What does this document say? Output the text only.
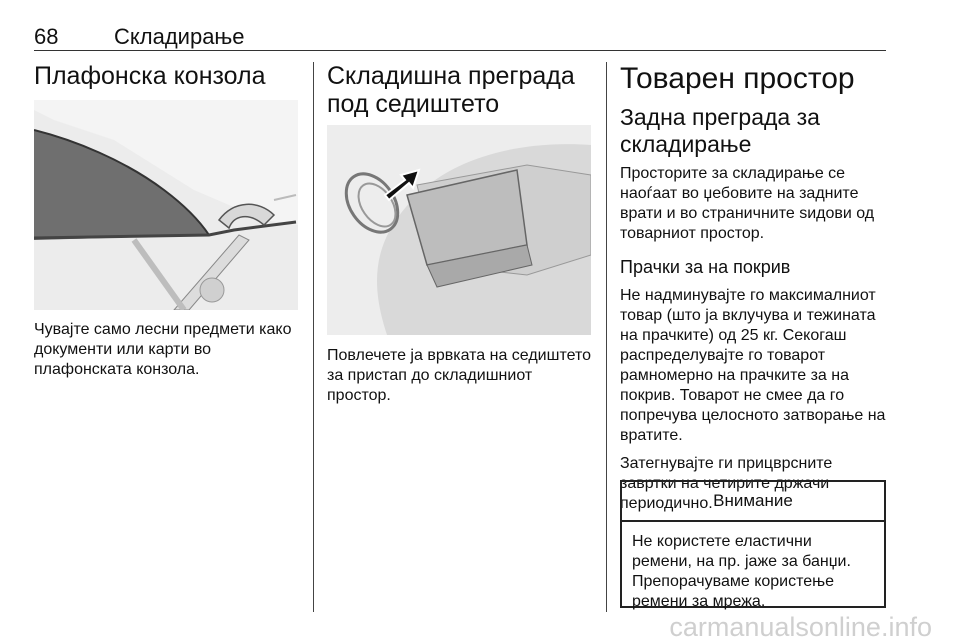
68	Складирање
Плафонска конзола

Чувајте само лесни предмети како документи или карти во плафонската конзола.

Складишна преграда под седиштето

Повлечете ја врвката на седиштето за пристап до складишниот простор.

Товарен простор
Задна преграда за складирање

Просторите за складирање се наоѓаат во џебовите на задните врати и во страничните ѕидови од товарниот простор.

Прачки за на покрив

Не надминувајте го максималниот товар (што ја вклучува и тежината на прачките) од 25 кг. Секогаш распределувајте го товарот рамномерно на прачките за на покрив. Товарот не смее да го попречува целосното затворање на вратите.

Затегнувајте ги прицврсните завртки на четирите држачи периодично. Внимание
Не користете еластични ремени, на пр. јаже за банџи. Препорачуваме користење ремени за мрежа.
carmanualsonline.info
